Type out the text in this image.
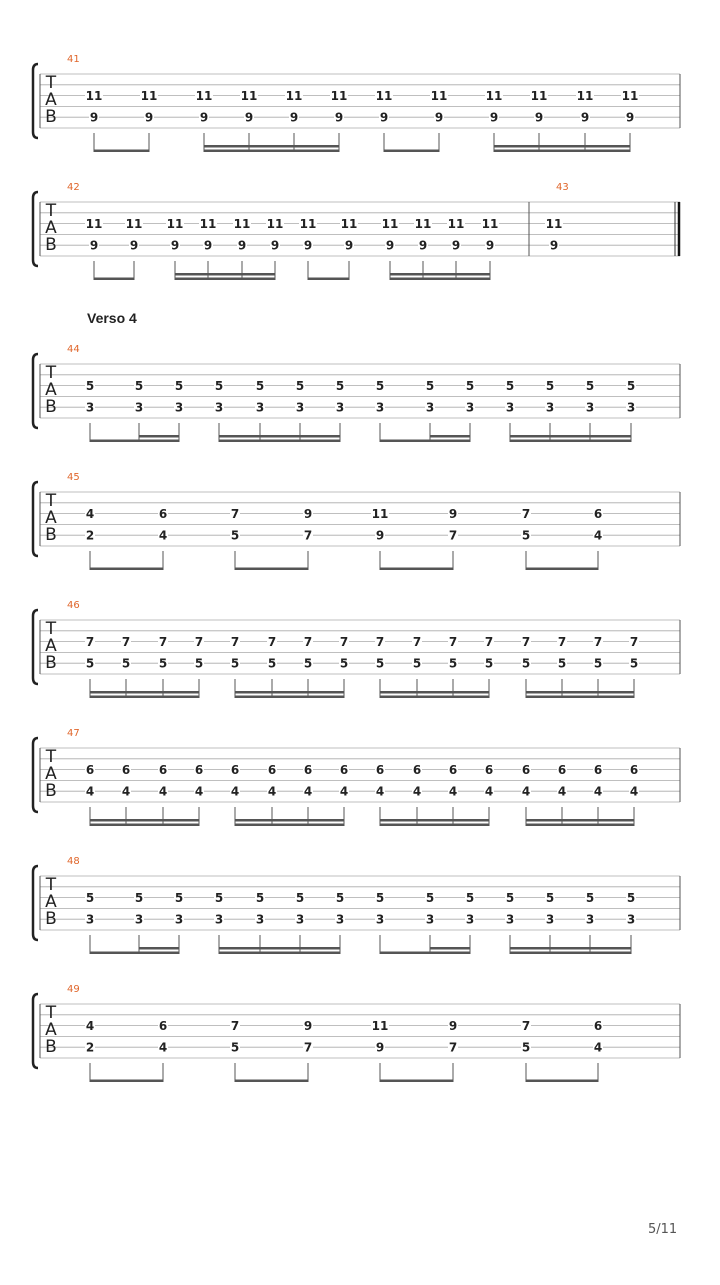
T
A
B
41
11
9
11
9
11
9
11
9
11
9
11
9
11
9
11
9
11
9
11
9
11
9
11
9
T
A
B
42
11
9
11
9
11
9
11
9
11
9
11
9
11
9
11
9
11
9
11
9
11
9
11
9
43
11
9
T
A
B
44
5
3
5
3
5
3
5
3
5
3
5
3
5
3
5
3
5
3
5
3
5
3
5
3
5
3
5
3
T
A
B
45
4
2
6
4
7
5
9
7
11
9
9
7
7
5
6
4
T
A
B
46
7
5
7
5
7
5
7
5
7
5
7
5
7
5
7
5
7
5
7
5
7
5
7
5
7
5
7
5
7
5
7
5
T
A
B
47
6
4
6
4
6
4
6
4
6
4
6
4
6
4
6
4
6
4
6
4
6
4
6
4
6
4
6
4
6
4
6
4
T
A
B
48
5
3
5
3
5
3
5
3
5
3
5
3
5
3
5
3
5
3
5
3
5
3
5
3
5
3
5
3
T
A
B
49
4
2
6
4
7
5
9
7
11
9
9
7
7
5
6
4
Verso 4
5/11
